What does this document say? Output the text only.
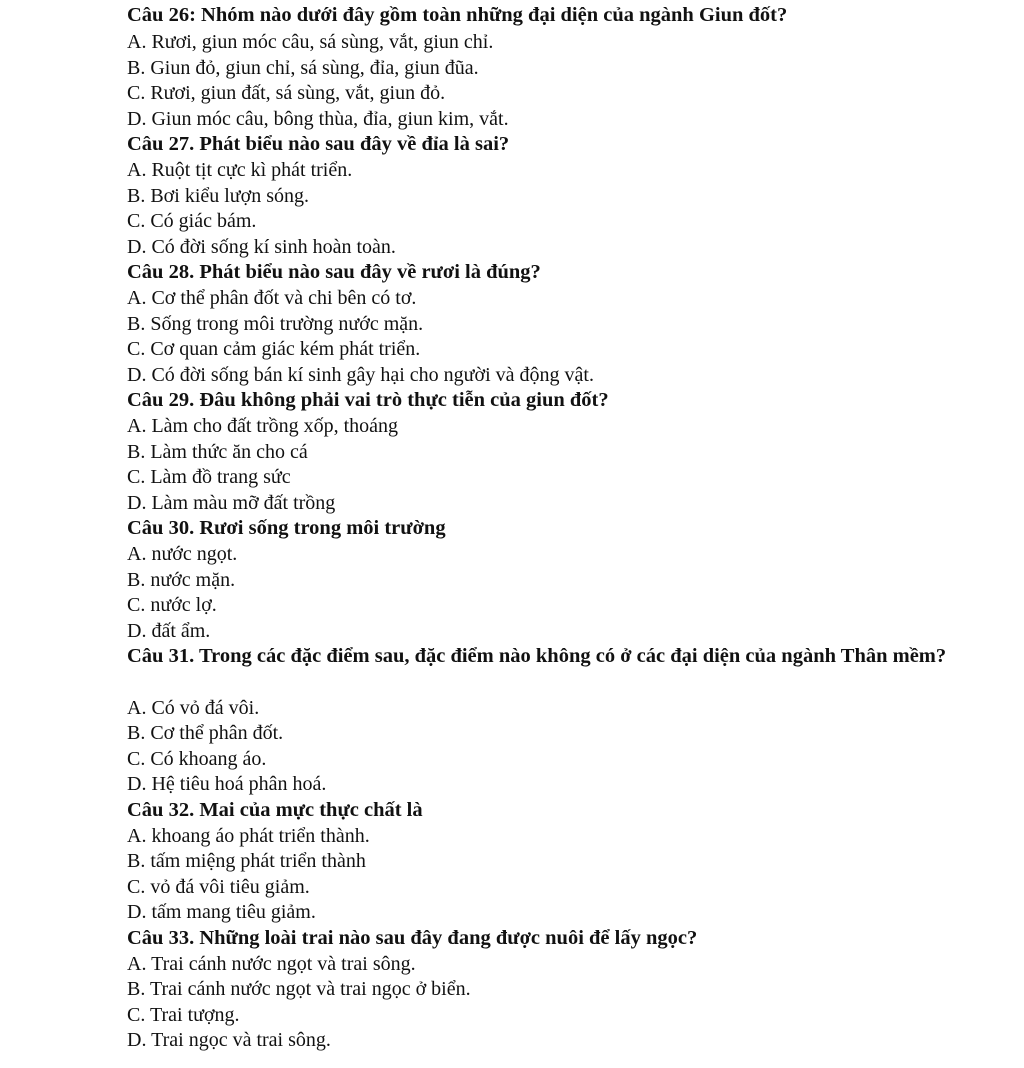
Câu 26: Nhóm nào dưới đây gồm toàn những đại diện của ngành Giun đốt?
A. Rươi, giun móc câu, sá sùng, vắt, giun chỉ.
B. Giun đỏ, giun chỉ, sá sùng, đỉa, giun đũa.
C. Rươi, giun đất, sá sùng, vắt, giun đỏ.
D. Giun móc câu, bông thùa, đỉa, giun kim, vắt.
Câu 27. Phát biểu nào sau đây về đỉa là sai?
A. Ruột tịt cực kì phát triển.
B. Bơi kiểu lượn sóng.
C. Có giác bám.
D. Có đời sống kí sinh hoàn toàn.
Câu 28. Phát biểu nào sau đây về rươi là đúng?
A. Cơ thể phân đốt và chi bên có tơ.
B. Sống trong môi trường nước mặn.
C. Cơ quan cảm giác kém phát triển.
D. Có đời sống bán kí sinh gây hại cho người và động vật.
Câu 29. Đâu không phải vai trò thực tiễn của giun đốt?
A. Làm cho đất trồng xốp, thoáng
B. Làm thức ăn cho cá
C. Làm đồ trang sức
D. Làm màu mỡ đất trồng
Câu 30. Rươi sống trong môi trường
A. nước ngọt.
B. nước mặn.
C. nước lợ.
D. đất ẩm.
Câu 31. Trong các đặc điểm sau, đặc điểm nào không có ở các đại diện của ngành Thân mềm?
A. Có vỏ đá vôi.
B. Cơ thể phân đốt.
C. Có khoang áo.
D. Hệ tiêu hoá phân hoá.
Câu 32. Mai của mực thực chất là
A. khoang áo phát triển thành.
B. tấm miệng phát triển thành
C. vỏ đá vôi tiêu giảm.
D. tấm mang tiêu giảm.
Câu 33. Những loài trai nào sau đây đang được nuôi để lấy ngọc?
A. Trai cánh nước ngọt và trai sông.
B. Trai cánh nước ngọt và trai ngọc ở biển.
C. Trai tượng.
D. Trai ngọc và trai sông.
